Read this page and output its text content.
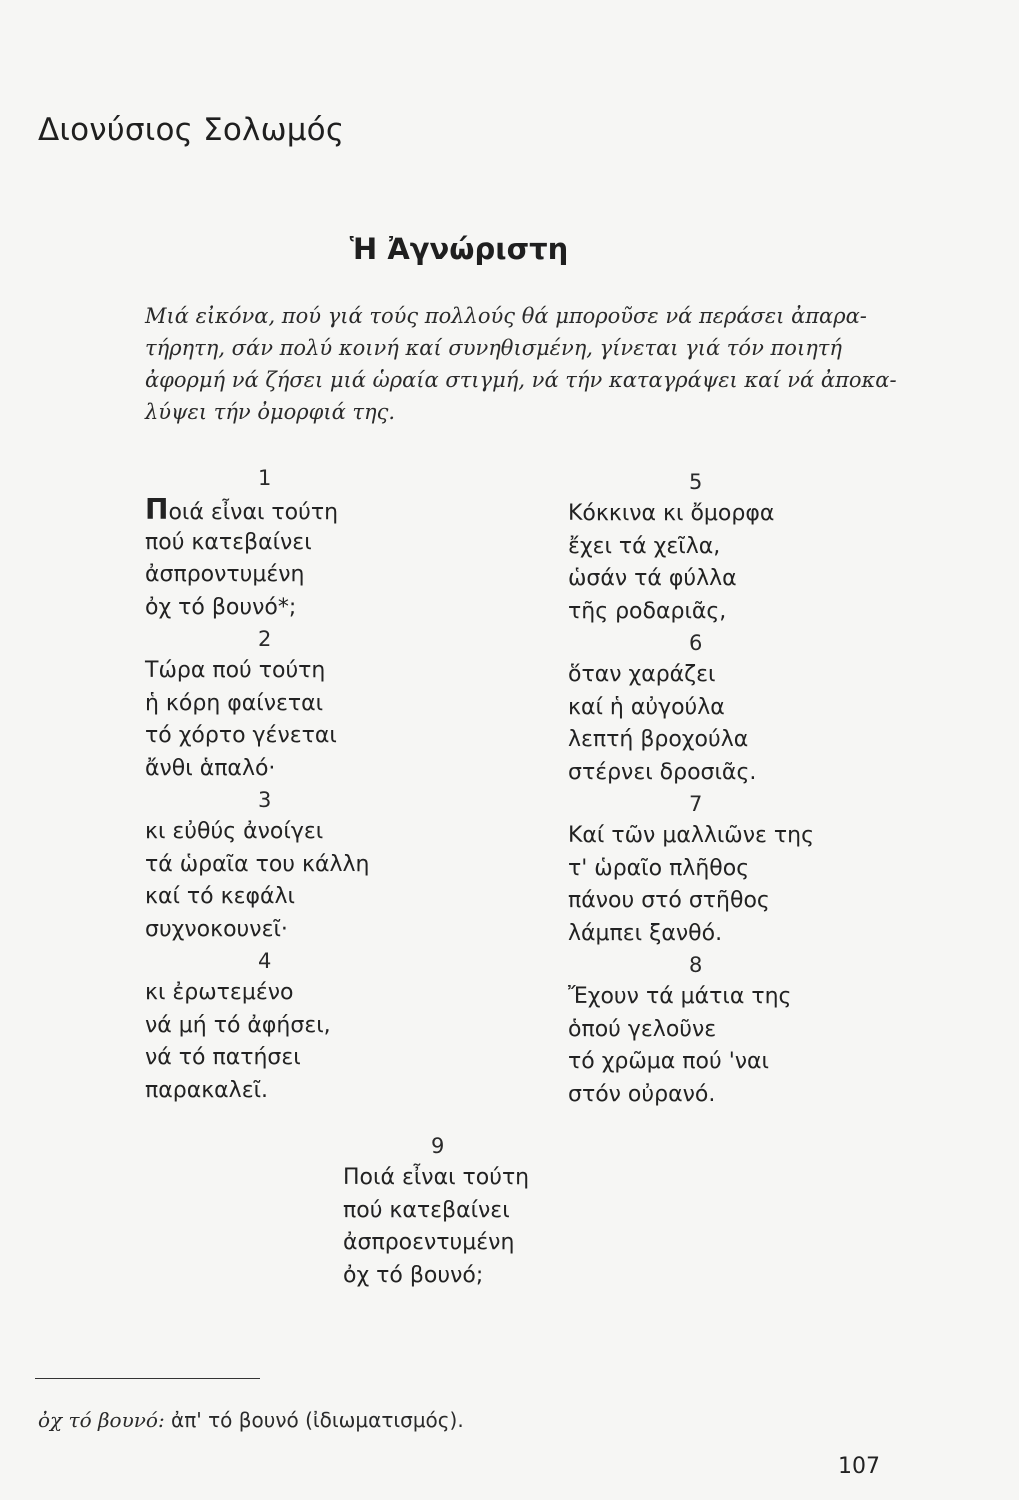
Διονύσιος Σολωμός
Ἡ Ἀγνώριστη

Μιά εἰκόνα, πού γιά τούς πολλούς θά μποροῦσε νά περάσει ἀπαρα-
τήρητη, σάν πολύ κοινή καί συνηθισμένη, γίνεται γιά τόν ποιητή
ἀφορμή νά ζήσει μιά ὡραία στιγμή, νά τήν καταγράψει καί νά ἀποκα-
λύψει τήν ὀμορφιά της.

1
Ποιά εἶναι τούτη
πού κατεβαίνει
ἀσπροντυμένη
ὀχ τό βουνό*;
2
Τώρα πού τούτη
ἡ κόρη φαίνεται
τό χόρτο γένεται
ἄνθι ἁπαλό·
3
κι εὐθύς ἀνοίγει
τά ὡραῖα του κάλλη
καί τό κεφάλι
συχνοκουνεῖ·
4
κι ἐρωτεμένο
νά μή τό ἀφήσει,
νά τό πατήσει
παρακαλεῖ.
5
Κόκκινα κι ὄμορφα
ἔχει τά χεῖλα,
ὡσάν τά φύλλα
τῆς ροδαριᾶς,
6
ὅταν χαράζει
καί ἡ αὐγούλα
λεπτή βροχούλα
στέρνει δροσιᾶς.
7
Καί τῶν μαλλιῶνε της
τ' ὡραῖο πλῆθος
πάνου στό στῆθος
λάμπει ξανθό.
8
Ἔχουν τά μάτια της
ὁπού γελοῦνε
τό χρῶμα πού 'ναι
στόν οὐρανό.
9
Ποιά εἶναι τούτη
πού κατεβαίνει
ἀσπροεντυμένη
ὀχ τό βουνό;
ὀχ τό βουνό: ἀπ' τό βουνό (ἰδιωματισμός).
107
